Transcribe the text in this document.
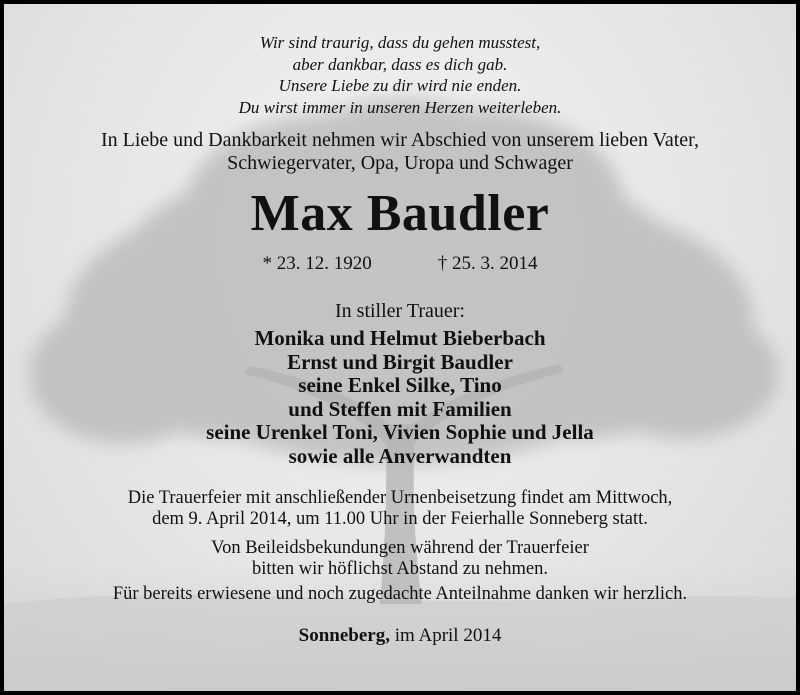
Wir sind traurig, dass du gehen musstest,
aber dankbar, dass es dich gab.
Unsere Liebe zu dir wird nie enden.
Du wirst immer in unseren Herzen weiterleben.
In Liebe und Dankbarkeit nehmen wir Abschied von unserem lieben Vater,
Schwiegervater, Opa, Uropa und Schwager
Max Baudler
* 23. 12. 1920	† 25. 3. 2014
In stiller Trauer:
Monika und Helmut Bieberbach
Ernst und Birgit Baudler
seine Enkel Silke, Tino
und Steffen mit Familien
seine Urenkel Toni, Vivien Sophie und Jella
sowie alle Anverwandten
Die Trauerfeier mit anschließender Urnenbeisetzung findet am Mittwoch,
dem 9. April 2014, um 11.00 Uhr in der Feierhalle Sonneberg statt.
Von Beileidsbekundungen während der Trauerfeier
bitten wir höflichst Abstand zu nehmen.
Für bereits erwiesene und noch zugedachte Anteilnahme danken wir herzlich.
Sonneberg, im April 2014
